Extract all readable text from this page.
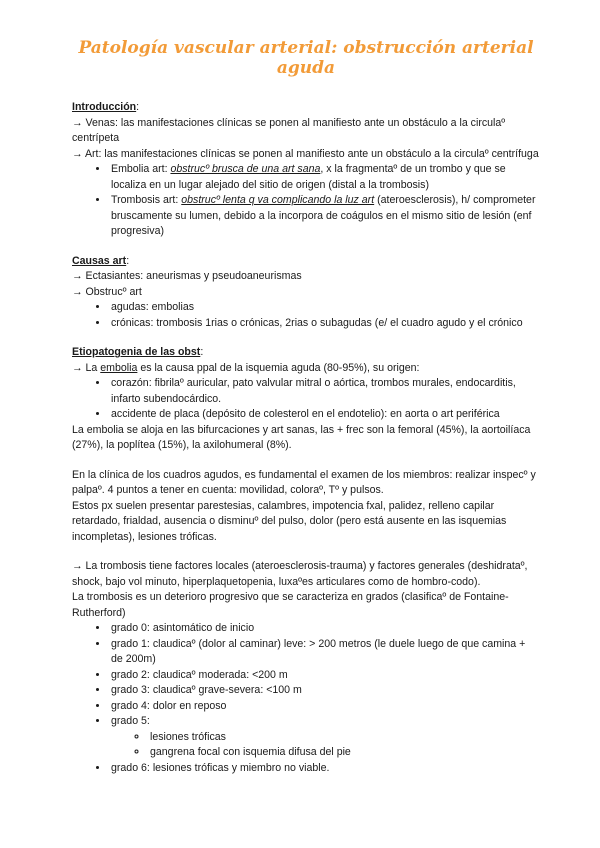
Patología vascular arterial: obstrucción arterial aguda

Introducción:

→ Venas: las manifestaciones clínicas se ponen al manifiesto ante un obstáculo a la circulaº centrípeta

→ Art: las manifestaciones clínicas se ponen al manifiesto ante un obstáculo a la circulaº centrífuga

• Embolia art: obstrucº brusca de una art sana, x la fragmentaº de un trombo y que se localiza en un lugar alejado del sitio de origen (distal a la trombosis)
• Trombosis art: obstrucº lenta q va complicando la luz art (ateroesclerosis), h/ comprometer bruscamente su lumen, debido a la incorpora de coágulos en el mismo sitio de lesión (enf progresiva)

Causas art:

→ Ectasiantes: aneurismas y pseudoaneurismas

→ Obstrucº art

• agudas: embolias
• crónicas: trombosis 1rias o crónicas, 2rias o subagudas (e/ el cuadro agudo y el crónico

Etiopatogenia de las obst:

→ La embolia es la causa ppal de la isquemia aguda (80-95%), su origen:

• corazón: fibrilaº auricular, pato valvular mitral o aórtica, trombos murales, endocarditis, infarto subendocárdico.
• accidente de placa (depósito de colesterol en el endotelio): en aorta o art periférica

La embolia se aloja en las bifurcaciones y art sanas, las + frec son la femoral (45%), la aortoilíaca (27%), la poplítea (15%), la axilohumeral (8%).

En la clínica de los cuadros agudos, es fundamental el examen de los miembros: realizar inspecº y palpaº. 4 puntos a tener en cuenta: movilidad, coloraº, Tº y pulsos.

Estos px suelen presentar parestesias, calambres, impotencia fxal, palidez, relleno capilar retardado, frialdad, ausencia o disminuº del pulso, dolor (pero está ausente en las isquemias incompletas), lesiones tróficas.

→ La trombosis tiene factores locales (ateroesclerosis-trauma) y factores generales (deshidrataº, shock, bajo vol minuto, hiperplaquetopenia, luxaºes articulares como de hombro-codo).

La trombosis es un deterioro progresivo que se caracteriza en grados (clasificaº de Fontaine-Rutherford)

• grado 0: asintomático de inicio
• grado 1: claudicaº (dolor al caminar) leve: > 200 metros (le duele luego de que camina + de 200m)
• grado 2: claudicaº moderada: <200 m
• grado 3: claudicaº grave-severa: <100 m
• grado 4: dolor en reposo
• grado 5:
◦ lesiones tróficas
◦ gangrena focal con isquemia difusa del pie
• grado 6: lesiones tróficas y miembro no viable.
